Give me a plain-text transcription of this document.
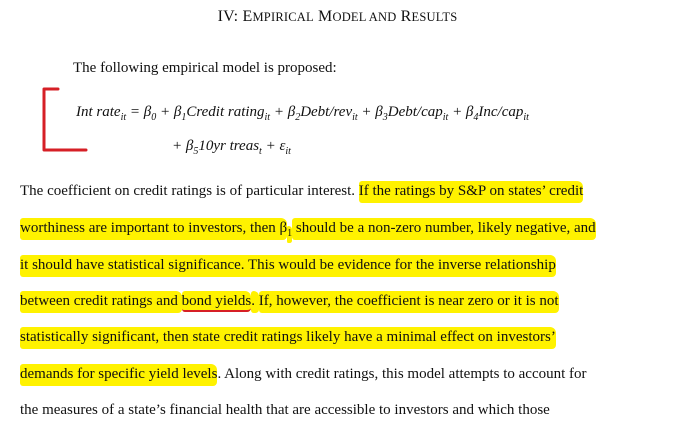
IV: EMPIRICAL MODEL AND RESULTS
The following empirical model is proposed:
Int rate$_{it}$ = $\beta_0$ + $\beta_1Credit$ rating$_{it}$ + $\beta_2Debt/rev_{it}$ + $\beta_3Debt/cap_{it} + \beta_4Inc/cap_{it}$
+ $\beta_510yr$ treas$_t$ + $\varepsilon_{it}$
The coefficient on credit ratings is of particular interest. If the ratings by S&P on states’ credit
worthiness are important to investors, then $\beta_1$ should be a non-zero number, likely negative, and
it should have statistical significance. This would be evidence for the inverse relationship
between credit ratings and bond yields. If, however, the coefficient is near zero or it is not
statistically significant, then state credit ratings likely have a minimal effect on investors’
demands for specific yield levels. Along with credit ratings, this model attempts to account for
the measures of a state’s financial health that are accessible to investors and which those
